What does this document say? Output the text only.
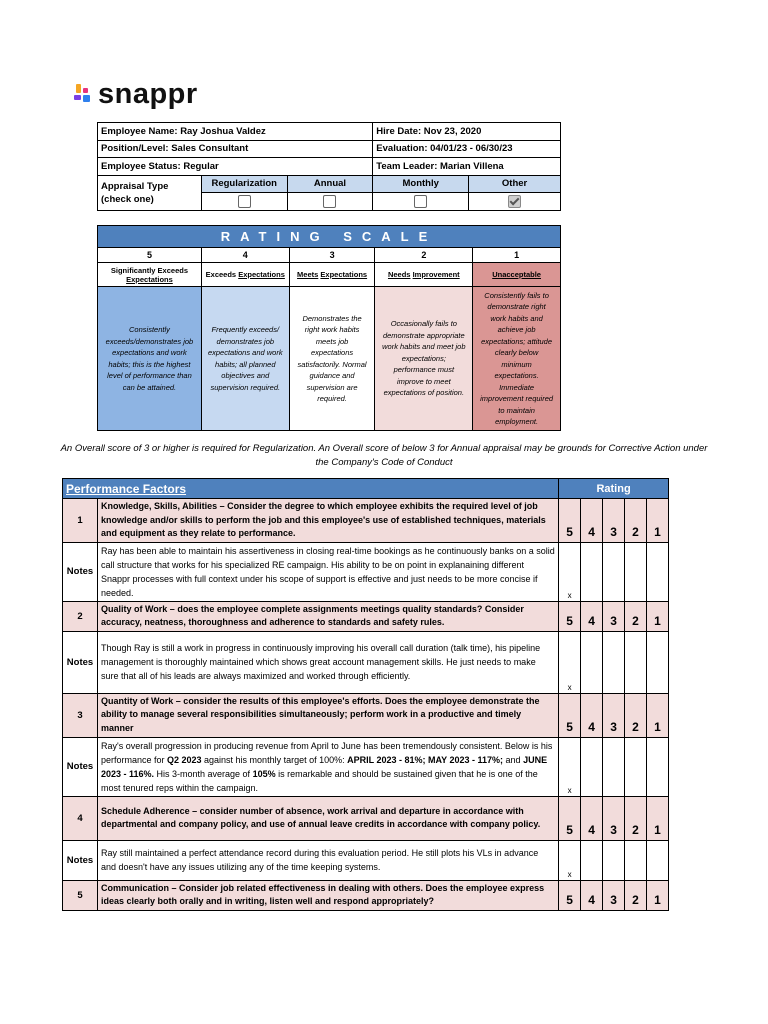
snappr
Employee Name: Ray Joshua Valdez			Hire Date: Nov 23, 2020	
Position/Level: Sales Consultant			Evaluation: 04/01/23 - 06/30/23	
Employee Status: Regular			Team Leader: Marian Villena	

Appraisal Type
(check one)	Regularization	Annual	Monthly	Other

RATING SCALE				
5	4	3	2	1
Significantly Exceeds
Expectations	Exceeds Expectations	Meets Expectations	Needs Improvement	Unacceptable
Consistently exceeds/demonstrates job expectations and work habits; this is the highest level of performance than can be attained.	Frequently exceeds/ demonstrates job expectations and work habits; all planned objectives and supervision required.	Demonstrates the right work habits meets job expectations satisfactorily. Normal guidance and supervision are required.	Occasionally fails to demonstrate appropriate work habits and meet job expectations; performance must improve to meet expectations of position.	Consistently fails to demonstrate right work habits and achieve job expectations; attitude clearly below minimum expectations. Immediate improvement required to maintain employment.
An Overall score of 3 or higher is required for Regularization. An Overall score of below 3 for Annual appraisal may be grounds for Corrective Action under the Company's Code of Conduct
Performance Factors		Rating				
1	Knowledge, Skills, Abilities – Consider the degree to which employee exhibits the required level of job knowledge and/or skills to perform the job and this employee's use of established techniques, materials and equipment as they relate to performance.	5	4	3	2	1
Notes	Ray has been able to maintain his assertiveness in closing real-time bookings as he continuously banks on a solid call structure that works for his specialized RE campaign. His ability to be on point in explanaining different Snappr processes with full context under his scope of support is effective and just needs to be more concise if needed.	x				
2	Quality of Work – does the employee complete assignments meetings quality standards? Consider accuracy, neatness, thoroughness and adherence to standards and safety rules.	5	4	3	2	1
Notes	Though Ray is still a work in progress in continuously improving his overall call duration (talk time), his pipeline management is thoroughly maintained which shows great account management skills. He just needs to make sure that all of his leads are always maximized and worked through efficiently.	x				
3	Quantity of Work – consider the results of this employee's efforts. Does the employee demonstrate the ability to manage several responsibilities simultaneously; perform work in a productive and timely manner	5	4	3	2	1
Notes	Ray's overall progression in producing revenue from April to June has been tremendously consistent. Below is his performance for Q2 2023 against his monthly target of 100%: APRIL 2023 - 81%; MAY 2023 - 117%; and JUNE 2023 - 116%. His 3-month average of 105% is remarkable and should be sustained given that he is one of the most tenured reps within the campaign.	x				
4	Schedule Adherence – consider number of absence, work arrival and departure in accordance with departmental and company policy, and use of annual leave credits in accordance with company policy.	5	4	3	2	1
Notes	Ray still maintained a perfect attendance record during this evaluation period. He still plots his VLs in advance and doesn't have any issues utilizing any of the time keeping systems.	x				
5	Communication – Consider job related effectiveness in dealing with others. Does the employee express ideas clearly both orally and in writing, listen well and respond appropriately?	5	4	3	2	1
